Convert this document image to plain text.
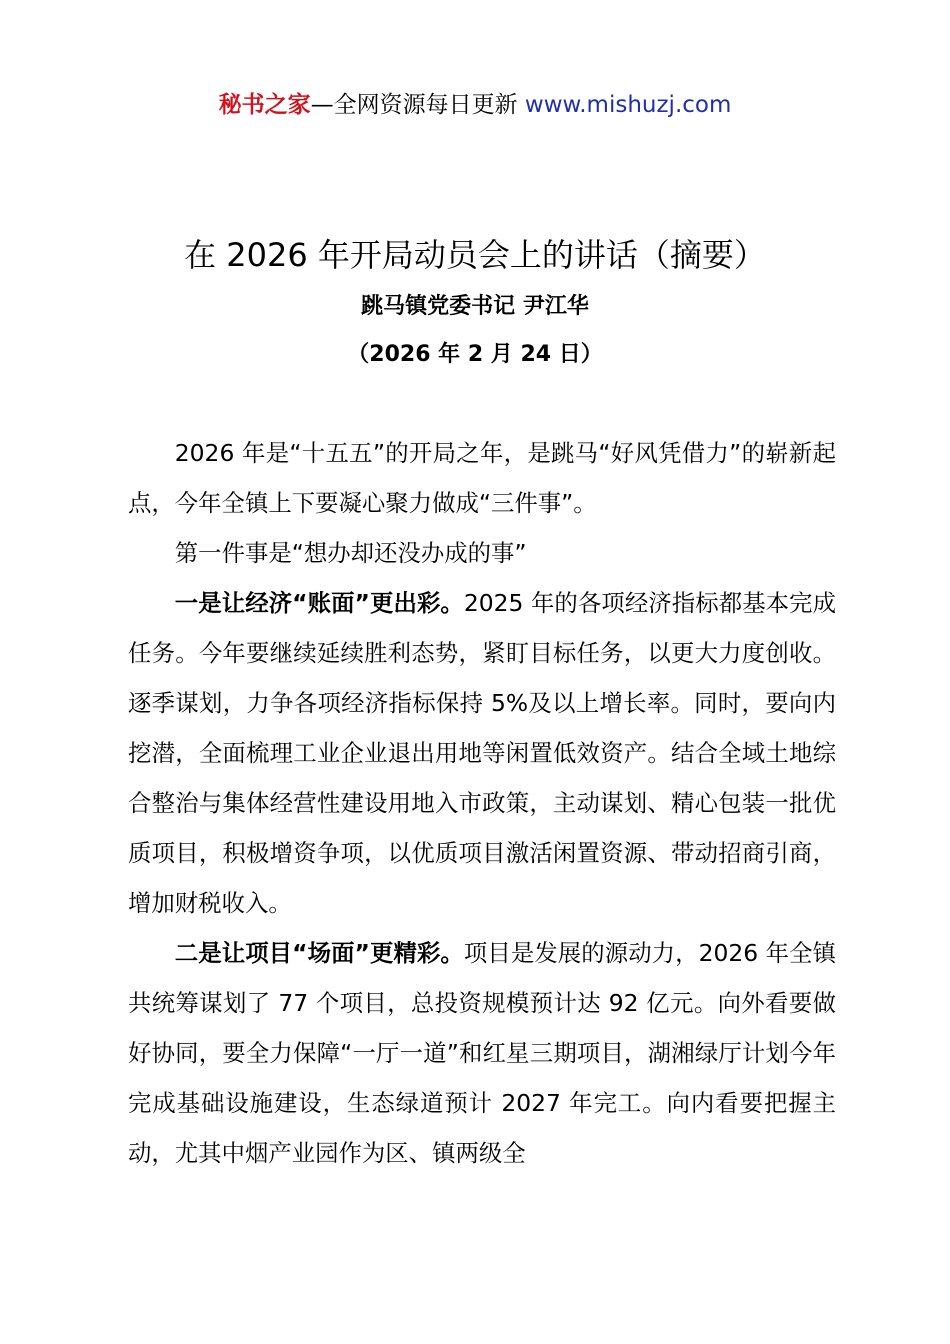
秘书之家—全网资源每日更新 www.mishuzj.com
在 2026 年开局动员会上的讲话（摘要）
跳马镇党委书记 尹江华
（2026 年 2 月 24 日）

2026 年是“十五五”的开局之年，是跳马“好风凭借力”的崭新起点，今年全镇上下要凝心聚力做成“三件事”。

第一件事是“想办却还没办成的事”

一是让经济“账面”更出彩。2025 年的各项经济指标都基本完成任务。今年要继续延续胜利态势，紧盯目标任务，以更大力度创收。逐季谋划，力争各项经济指标保持 5%及以上增长率。同时，要向内挖潜，全面梳理工业企业退出用地等闲置低效资产。结合全域土地综合整治与集体经营性建设用地入市政策，主动谋划、精心包装一批优质项目，积极增资争项，以优质项目激活闲置资源、带动招商引商，增加财税收入。

二是让项目“场面”更精彩。项目是发展的源动力，2026 年全镇共统筹谋划了 77 个项目，总投资规模预计达 92 亿元。向外看要做好协同，要全力保障“一厅一道”和红星三期项目，湖湘绿厅计划今年完成基础设施建设，生态绿道预计 2027 年完工。向内看要把握主动，尤其中烟产业园作为区、镇两级全
